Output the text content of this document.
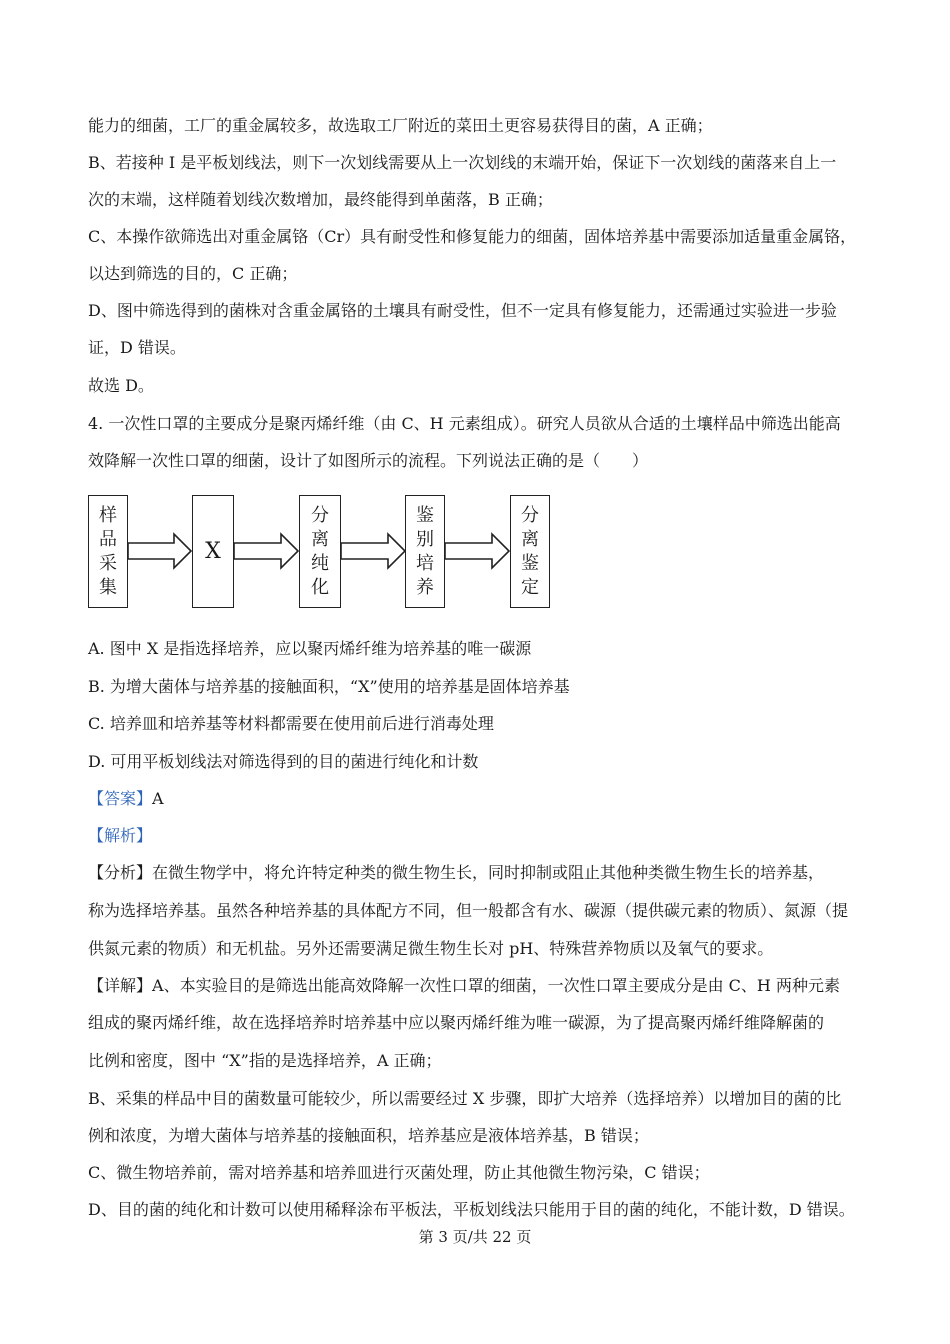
能力的细菌，工厂的重金属较多，故选取工厂附近的菜田土更容易获得目的菌，A 正确；
B、若接种 I 是平板划线法，则下一次划线需要从上一次划线的末端开始，保证下一次划线的菌落来自上一
次的末端，这样随着划线次数增加，最终能得到单菌落，B 正确；
C、本操作欲筛选出对重金属铬（Cr）具有耐受性和修复能力的细菌，固体培养基中需要添加适量重金属铬，
以达到筛选的目的，C 正确；
D、图中筛选得到的菌株对含重金属铬的土壤具有耐受性，但不一定具有修复能力，还需通过实验进一步验
证，D 错误。
故选 D。
4. 一次性口罩的主要成分是聚丙烯纤维（由 C、H 元素组成）。研究人员欲从合适的土壤样品中筛选出能高
效降解一次性口罩的细菌，设计了如图所示的流程。下列说法正确的是（　　）
样品采集
X
分离纯化
鉴别培养
分离鉴定
A. 图中 X 是指选择培养，应以聚丙烯纤维为培养基的唯一碳源
B. 为增大菌体与培养基的接触面积，“X”使用的培养基是固体培养基
C. 培养皿和培养基等材料都需要在使用前后进行消毒处理
D. 可用平板划线法对筛选得到的目的菌进行纯化和计数
【答案】A
【解析】
【分析】在微生物学中，将允许特定种类的微生物生长，同时抑制或阻止其他种类微生物生长的培养基，
称为选择培养基。虽然各种培养基的具体配方不同，但一般都含有水、碳源（提供碳元素的物质）、氮源（提
供氮元素的物质）和无机盐。另外还需要满足微生物生长对 pH、特殊营养物质以及氧气的要求。
【详解】A、本实验目的是筛选出能高效降解一次性口罩的细菌，一次性口罩主要成分是由 C、H 两种元素
组成的聚丙烯纤维，故在选择培养时培养基中应以聚丙烯纤维为唯一碳源，为了提高聚丙烯纤维降解菌的
比例和密度，图中 “X”指的是选择培养，A 正确；
B、采集的样品中目的菌数量可能较少，所以需要经过 X 步骤，即扩大培养（选择培养）以增加目的菌的比
例和浓度，为增大菌体与培养基的接触面积，培养基应是液体培养基，B 错误；
C、微生物培养前，需对培养基和培养皿进行灭菌处理，防止其他微生物污染，C 错误；
D、目的菌的纯化和计数可以使用稀释涂布平板法，平板划线法只能用于目的菌的纯化，不能计数，D 错误。
第 3 页/共 22 页
